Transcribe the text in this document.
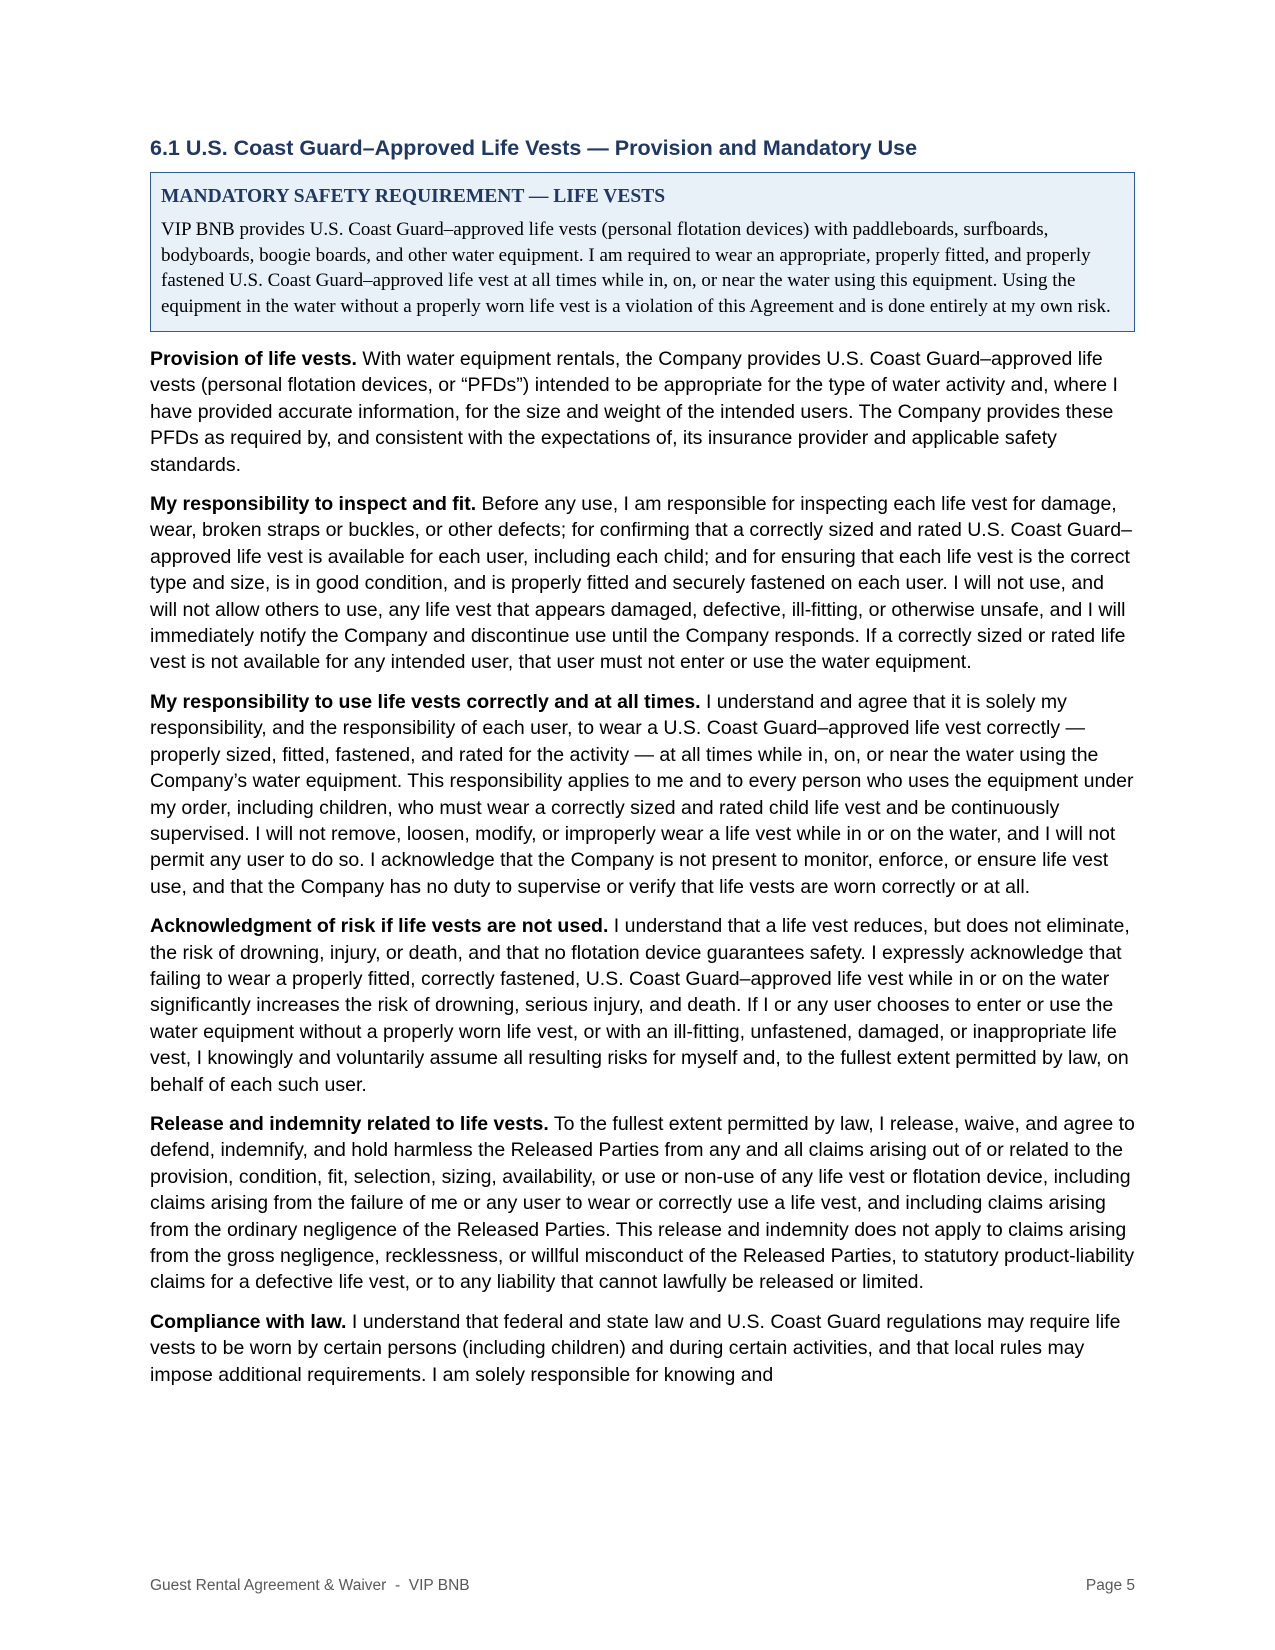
6.1 U.S. Coast Guard–Approved Life Vests — Provision and Mandatory Use

MANDATORY SAFETY REQUIREMENT — LIFE VESTS

VIP BNB provides U.S. Coast Guard–approved life vests (personal flotation devices) with paddleboards, surfboards, bodyboards, boogie boards, and other water equipment. I am required to wear an appropriate, properly fitted, and properly fastened U.S. Coast Guard–approved life vest at all times while in, on, or near the water using this equipment. Using the equipment in the water without a properly worn life vest is a violation of this Agreement and is done entirely at my own risk.

Provision of life vests. With water equipment rentals, the Company provides U.S. Coast Guard–approved life vests (personal flotation devices, or “PFDs”) intended to be appropriate for the type of water activity and, where I have provided accurate information, for the size and weight of the intended users. The Company provides these PFDs as required by, and consistent with the expectations of, its insurance provider and applicable safety standards.

My responsibility to inspect and fit. Before any use, I am responsible for inspecting each life vest for damage, wear, broken straps or buckles, or other defects; for confirming that a correctly sized and rated U.S. Coast Guard–approved life vest is available for each user, including each child; and for ensuring that each life vest is the correct type and size, is in good condition, and is properly fitted and securely fastened on each user. I will not use, and will not allow others to use, any life vest that appears damaged, defective, ill-fitting, or otherwise unsafe, and I will immediately notify the Company and discontinue use until the Company responds. If a correctly sized or rated life vest is not available for any intended user, that user must not enter or use the water equipment.

My responsibility to use life vests correctly and at all times. I understand and agree that it is solely my responsibility, and the responsibility of each user, to wear a U.S. Coast Guard–approved life vest correctly — properly sized, fitted, fastened, and rated for the activity — at all times while in, on, or near the water using the Company’s water equipment. This responsibility applies to me and to every person who uses the equipment under my order, including children, who must wear a correctly sized and rated child life vest and be continuously supervised. I will not remove, loosen, modify, or improperly wear a life vest while in or on the water, and I will not permit any user to do so. I acknowledge that the Company is not present to monitor, enforce, or ensure life vest use, and that the Company has no duty to supervise or verify that life vests are worn correctly or at all.

Acknowledgment of risk if life vests are not used. I understand that a life vest reduces, but does not eliminate, the risk of drowning, injury, or death, and that no flotation device guarantees safety. I expressly acknowledge that failing to wear a properly fitted, correctly fastened, U.S. Coast Guard–approved life vest while in or on the water significantly increases the risk of drowning, serious injury, and death. If I or any user chooses to enter or use the water equipment without a properly worn life vest, or with an ill-fitting, unfastened, damaged, or inappropriate life vest, I knowingly and voluntarily assume all resulting risks for myself and, to the fullest extent permitted by law, on behalf of each such user.

Release and indemnity related to life vests. To the fullest extent permitted by law, I release, waive, and agree to defend, indemnify, and hold harmless the Released Parties from any and all claims arising out of or related to the provision, condition, fit, selection, sizing, availability, or use or non-use of any life vest or flotation device, including claims arising from the failure of me or any user to wear or correctly use a life vest, and including claims arising from the ordinary negligence of the Released Parties. This release and indemnity does not apply to claims arising from the gross negligence, recklessness, or willful misconduct of the Released Parties, to statutory product-liability claims for a defective life vest, or to any liability that cannot lawfully be released or limited.

Compliance with law. I understand that federal and state law and U.S. Coast Guard regulations may require life vests to be worn by certain persons (including children) and during certain activities, and that local rules may impose additional requirements. I am solely responsible for knowing and

Guest Rental Agreement & Waiver  -  VIP BNB	Page 5
